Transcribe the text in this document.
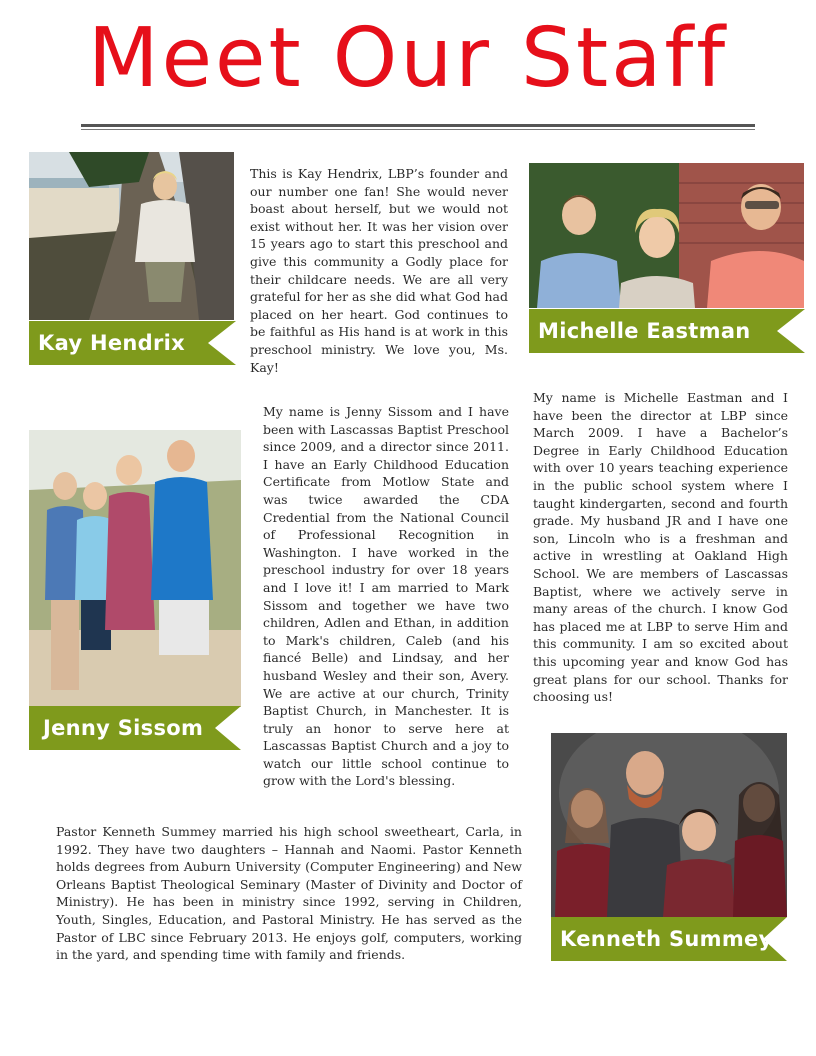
Meet Our Staff
Kay Hendrix

This is Kay Hendrix, LBP’s founder and our number one fan! She would never boast about herself, but we would not exist without her. It was her vision over 15 years ago to start this preschool and give this community a Godly place for their childcare needs. We are all very grateful for her as she did what God had placed on her heart. God continues to be faithful as His hand is at work in this preschool ministry. We love you, Ms. Kay!

Michelle Eastman

My name is Michelle Eastman and I have been the director at LBP since March 2009. I have a Bachelor’s Degree in Early Childhood Education with over 10 years teaching experience in the public school system where I taught kindergarten, second and fourth grade. My husband JR and I have one son, Lincoln who is a freshman and active in wrestling at Oakland High School. We are members of Lascassas Baptist, where we actively serve in many areas of the church. I know God has placed me at LBP to serve Him and this community. I am so excited about this upcoming year and know God has great plans for our school. Thanks for choosing us!

Jenny Sissom

My name is Jenny Sissom and I have been with Lascassas Baptist Preschool since 2009, and a director since 2011. I have an Early Childhood Education Certificate from Motlow State and was twice awarded the CDA Credential from the National Council of Professional Recognition in Washington. I have worked in the preschool industry for over 18 years and I love it! I am married to Mark Sissom and together we have two children, Adlen and Ethan, in addition to Mark's children, Caleb (and his fiancé Belle) and Lindsay, and her husband Wesley and their son, Avery. We are active at our church, Trinity Baptist Church, in Manchester. It is truly an honor to serve here at Lascassas Baptist Church and a joy to watch our little school continue to grow with the Lord's blessing.

Pastor Kenneth Summey married his high school sweetheart, Carla, in 1992. They have two daughters – Hannah and Naomi. Pastor Kenneth holds degrees from Auburn University (Computer Engineering) and New Orleans Baptist Theological Seminary (Master of Divinity and Doctor of Ministry). He has been in ministry since 1992, serving in Children, Youth, Singles, Education, and Pastoral Ministry. He has served as the Pastor of LBC since February 2013. He enjoys golf, computers, working in the yard, and spending time with family and friends.

Kenneth Summey
